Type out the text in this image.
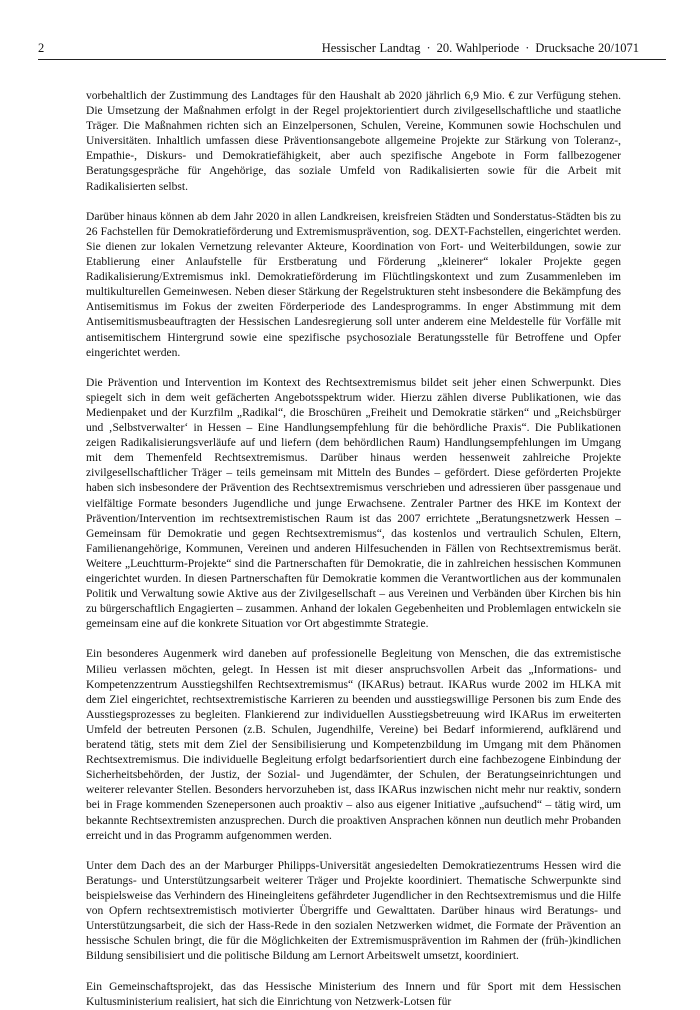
2	Hessischer Landtag · 20. Wahlperiode · Drucksache 20/1071

vorbehaltlich der Zustimmung des Landtages für den Haushalt ab 2020 jährlich 6,9 Mio. € zur Verfügung stehen. Die Umsetzung der Maßnahmen erfolgt in der Regel projektorientiert durch zivilgesellschaftliche und staatliche Träger. Die Maßnahmen richten sich an Einzelpersonen, Schulen, Vereine, Kommunen sowie Hochschulen und Universitäten. Inhaltlich umfassen diese Präventionsangebote allgemeine Projekte zur Stärkung von Toleranz-, Empathie-, Diskurs- und Demokratiefähigkeit, aber auch spezifische Angebote in Form fallbezogener Beratungsgespräche für Angehörige, das soziale Umfeld von Radikalisierten sowie für die Arbeit mit Radikalisierten selbst.

Darüber hinaus können ab dem Jahr 2020 in allen Landkreisen, kreisfreien Städten und Sonderstatus-Städten bis zu 26 Fachstellen für Demokratieförderung und Extremismusprävention, sog. DEXT-Fachstellen, eingerichtet werden. Sie dienen zur lokalen Vernetzung relevanter Akteure, Koordination von Fort- und Weiterbildungen, sowie zur Etablierung einer Anlaufstelle für Erstberatung und Förderung „kleinerer“ lokaler Projekte gegen Radikalisierung/Extremismus inkl. Demokratieförderung im Flüchtlingskontext und zum Zusammenleben im multikulturellen Gemeinwesen. Neben dieser Stärkung der Regelstrukturen steht insbesondere die Bekämpfung des Antisemitismus im Fokus der zweiten Förderperiode des Landesprogramms. In enger Abstimmung mit dem Antisemitismusbeauftragten der Hessischen Landesregierung soll unter anderem eine Meldestelle für Vorfälle mit antisemitischem Hintergrund sowie eine spezifische psychosoziale Beratungsstelle für Betroffene und Opfer eingerichtet werden.

Die Prävention und Intervention im Kontext des Rechtsextremismus bildet seit jeher einen Schwerpunkt. Dies spiegelt sich in dem weit gefächerten Angebotsspektrum wider. Hierzu zählen diverse Publikationen, wie das Medienpaket und der Kurzfilm „Radikal“, die Broschüren „Freiheit und Demokratie stärken“ und „Reichsbürger und ‚Selbstverwalter‘ in Hessen – Eine Handlungsempfehlung für die behördliche Praxis“. Die Publikationen zeigen Radikalisierungsverläufe auf und liefern (dem behördlichen Raum) Handlungsempfehlungen im Umgang mit dem Themenfeld Rechtsextremismus. Darüber hinaus werden hessenweit zahlreiche Projekte zivilgesellschaftlicher Träger – teils gemeinsam mit Mitteln des Bundes – gefördert. Diese geförderten Projekte haben sich insbesondere der Prävention des Rechtsextremismus verschrieben und adressieren über passgenaue und vielfältige Formate besonders Jugendliche und junge Erwachsene. Zentraler Partner des HKE im Kontext der Prävention/Intervention im rechtsextremistischen Raum ist das 2007 errichtete „Beratungsnetzwerk Hessen – Gemeinsam für Demokratie und gegen Rechtsextremismus“, das kostenlos und vertraulich Schulen, Eltern, Familienangehörige, Kommunen, Vereinen und anderen Hilfesuchenden in Fällen von Rechtsextremismus berät. Weitere „Leuchtturm-Projekte“ sind die Partnerschaften für Demokratie, die in zahlreichen hessischen Kommunen eingerichtet wurden. In diesen Partnerschaften für Demokratie kommen die Verantwortlichen aus der kommunalen Politik und Verwaltung sowie Aktive aus der Zivilgesellschaft – aus Vereinen und Verbänden über Kirchen bis hin zu bürgerschaftlich Engagierten – zusammen. Anhand der lokalen Gegebenheiten und Problemlagen entwickeln sie gemeinsam eine auf die konkrete Situation vor Ort abgestimmte Strategie.

Ein besonderes Augenmerk wird daneben auf professionelle Begleitung von Menschen, die das extremistische Milieu verlassen möchten, gelegt. In Hessen ist mit dieser anspruchsvollen Arbeit das „Informations- und Kompetenzzentrum Ausstiegshilfen Rechtsextremismus“ (IKARus) betraut. IKARus wurde 2002 im HLKA mit dem Ziel eingerichtet, rechtsextremistische Karrieren zu beenden und ausstiegswillige Personen bis zum Ende des Ausstiegsprozesses zu begleiten. Flankierend zur individuellen Ausstiegsbetreuung wird IKARus im erweiterten Umfeld der betreuten Personen (z.B. Schulen, Jugendhilfe, Vereine) bei Bedarf informierend, aufklärend und beratend tätig, stets mit dem Ziel der Sensibilisierung und Kompetenzbildung im Umgang mit dem Phänomen Rechtsextremismus. Die individuelle Begleitung erfolgt bedarfsorientiert durch eine fachbezogene Einbindung der Sicherheitsbehörden, der Justiz, der Sozial- und Jugendämter, der Schulen, der Beratungseinrichtungen und weiterer relevanter Stellen. Besonders hervorzuheben ist, dass IKARus inzwischen nicht mehr nur reaktiv, sondern bei in Frage kommenden Szenepersonen auch proaktiv – also aus eigener Initiative „aufsuchend“ – tätig wird, um bekannte Rechtsextremisten anzusprechen. Durch die proaktiven Ansprachen können nun deutlich mehr Probanden erreicht und in das Programm aufgenommen werden.

Unter dem Dach des an der Marburger Philipps-Universität angesiedelten Demokratiezentrums Hessen wird die Beratungs- und Unterstützungsarbeit weiterer Träger und Projekte koordiniert. Thematische Schwerpunkte sind beispielsweise das Verhindern des Hineingleitens gefährdeter Jugendlicher in den Rechtsextremismus und die Hilfe von Opfern rechtsextremistisch motivierter Übergriffe und Gewalttaten. Darüber hinaus wird Beratungs- und Unterstützungsarbeit, die sich der Hass-Rede in den sozialen Netzwerken widmet, die Formate der Prävention an hessische Schulen bringt, die für die Möglichkeiten der Extremismusprävention im Rahmen der (früh-)kindlichen Bildung sensibilisiert und die politische Bildung am Lernort Arbeitswelt umsetzt, koordiniert.

Ein Gemeinschaftsprojekt, das das Hessische Ministerium des Innern und für Sport mit dem Hessischen Kultusministerium realisiert, hat sich die Einrichtung von Netzwerk-Lotsen für
